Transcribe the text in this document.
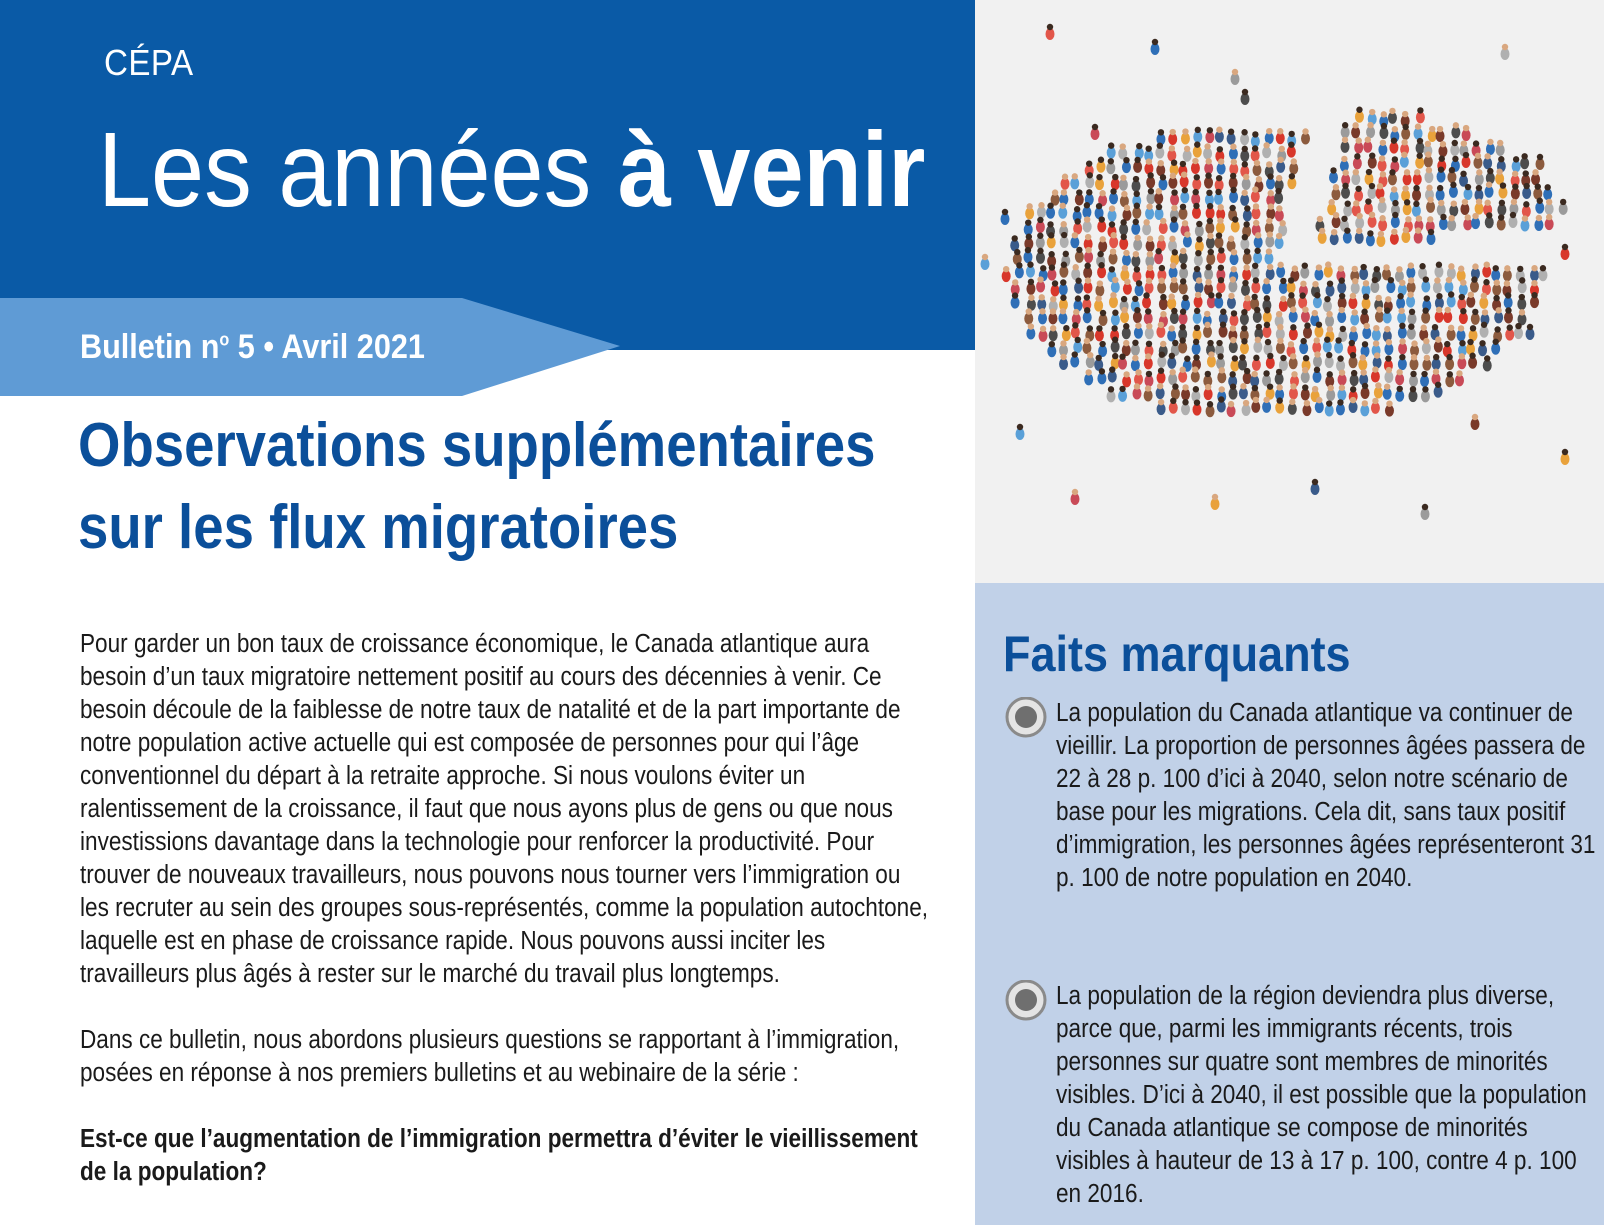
CÉPA
Les années à venir
Bulletin $n^o$ 5 • Avril 2021
Observations supplémentaires
sur les flux migratoires

Pour garder un bon taux de croissance économique, le Canada atlantique aura besoin d’un taux migratoire nettement positif au cours des décennies à venir. Ce besoin découle de la faiblesse de notre taux de natalité et de la part importante de notre population active actuelle qui est composée de personnes pour qui l’âge conventionnel du départ à la retraite approche. Si nous voulons éviter un ralentissement de la croissance, il faut que nous ayons plus de gens ou que nous investissions davantage dans la technologie pour renforcer la productivité. Pour trouver de nouveaux travailleurs, nous pouvons nous tourner vers l’immigration ou les recruter au sein des groupes sous-représentés, comme la population autochtone, laquelle est en phase de croissance rapide. Nous pouvons aussi inciter les travailleurs plus âgés à rester sur le marché du travail plus longtemps.

Dans ce bulletin, nous abordons plusieurs questions se rapportant à l’immigration, posées en réponse à nos premiers bulletins et au webinaire de la série :

Est-ce que l’augmentation de l’immigration permettra d’éviter le vieillissement de la population?

Faits marquants
La population du Canada atlantique va continuer de vieillir. La proportion de personnes âgées passera de 22 à 28 p. 100 d’ici à 2040, selon notre scénario de base pour les migrations. Cela dit, sans taux positif d’immigration, les personnes âgées représenteront 31 p. 100 de notre population en 2040.
La population de la région deviendra plus diverse, parce que, parmi les immigrants récents, trois personnes sur quatre sont membres de minorités visibles. D’ici à 2040, il est possible que la population du Canada atlantique se compose de minorités visibles à hauteur de 13 à 17 p. 100, contre 4 p. 100 en 2016.
